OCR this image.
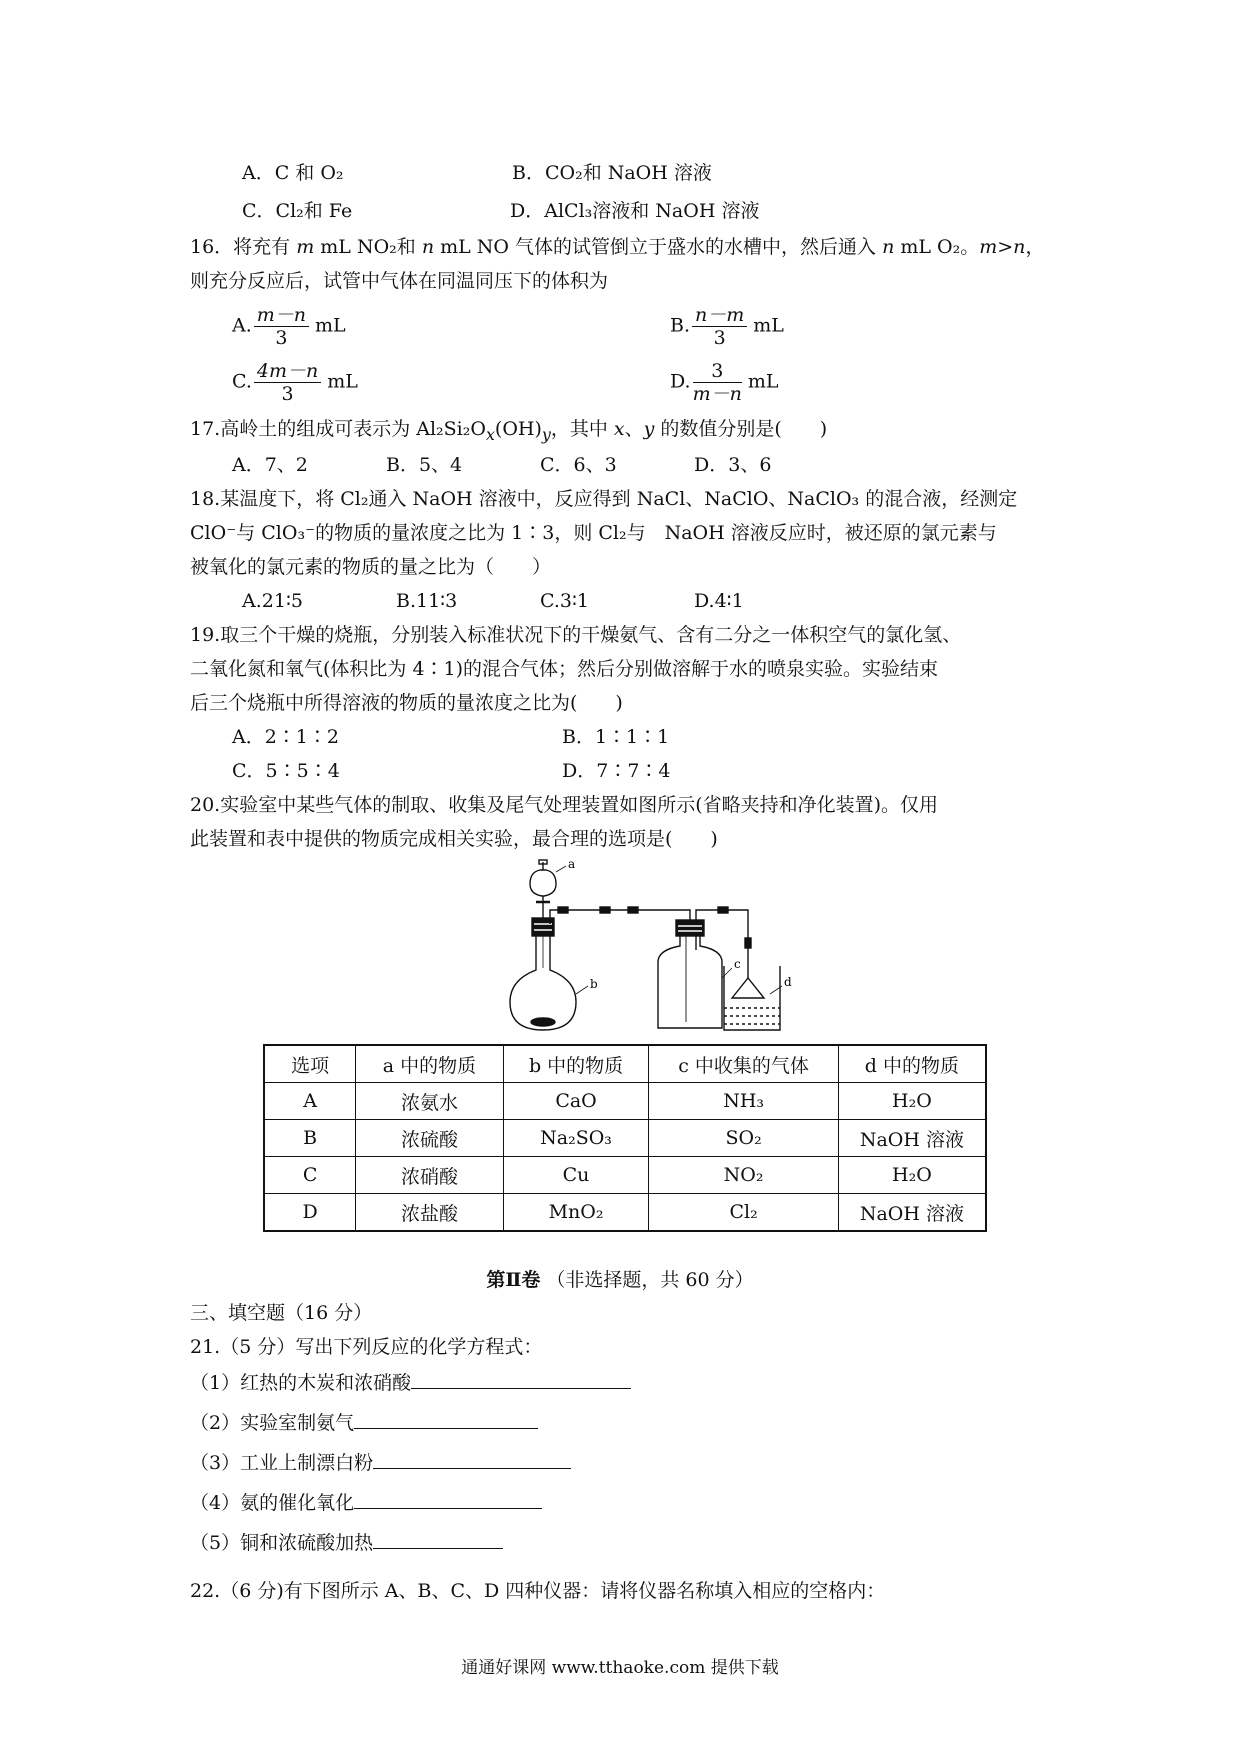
A．C 和 O₂	B．CO₂和 NaOH 溶液
C．Cl₂和 Fe	D．AlCl₃溶液和 NaOH 溶液
16．将充有 m mL NO₂和 n mL NO 气体的试管倒立于盛水的水槽中，然后通入 n mL O₂。m>n，
则充分反应后，试管中气体在同温同压下的体积为
A. $\frac{m-n}{3}$ mL	B. $\frac{n-m}{3}$ mL
C. $\frac{4m-n}{3}$ mL	D. $\frac{3}{m-n}$ mL
17.高岭土的组成可表示为 $Al_2Si_2O_x(OH)_y$，其中 x、y 的数值分别是(　　)
A．7、2	B．5、4	C．6、3	D．3、6
18.某温度下，将 Cl₂通入 NaOH 溶液中，反应得到 NaCl、NaClO、NaClO₃ 的混合液，经测定
ClO⁻与 ClO₃⁻的物质的量浓度之比为 1∶3，则 Cl₂与　NaOH 溶液反应时，被还原的氯元素与
被氧化的氯元素的物质的量之比为（　　）
A.21∶5	B.11∶3	C.3∶1	D.4∶1
19.取三个干燥的烧瓶，分别装入标准状况下的干燥氨气、含有二分之一体积空气的氯化氢、
二氧化氮和氧气(体积比为 4∶1)的混合气体；然后分别做溶解于水的喷泉实验。实验结束
后三个烧瓶中所得溶液的物质的量浓度之比为(　　)
A．2∶1∶2	B．1∶1∶1
C．5∶5∶4	D．7∶7∶4
20.实验室中某些气体的制取、收集及尾气处理装置如图所示(省略夹持和净化装置)。仅用
此装置和表中提供的物质完成相关实验，最合理的选项是(　　)
a
b
c
d
选项	a 中的物质	b 中的物质	c 中收集的气体	d 中的物质
A	浓氨水	CaO	NH₃	H₂O
B	浓硫酸	Na₂SO₃	SO₂	NaOH 溶液
C	浓硝酸	Cu	NO₂	H₂O
D	浓盐酸	MnO₂	Cl₂	NaOH 溶液
第Ⅱ卷 （非选择题，共 60 分）
三、填空题（16 分）
21.（5 分）写出下列反应的化学方程式：
（1）红热的木炭和浓硝酸
（2）实验室制氨气
（3）工业上制漂白粉
（4）氨的催化氧化
（5）铜和浓硫酸加热
22.（6 分)有下图所示 A、B、C、D 四种仪器：请将仪器名称填入相应的空格内：
通通好课网 www.tthaoke.com 提供下载
